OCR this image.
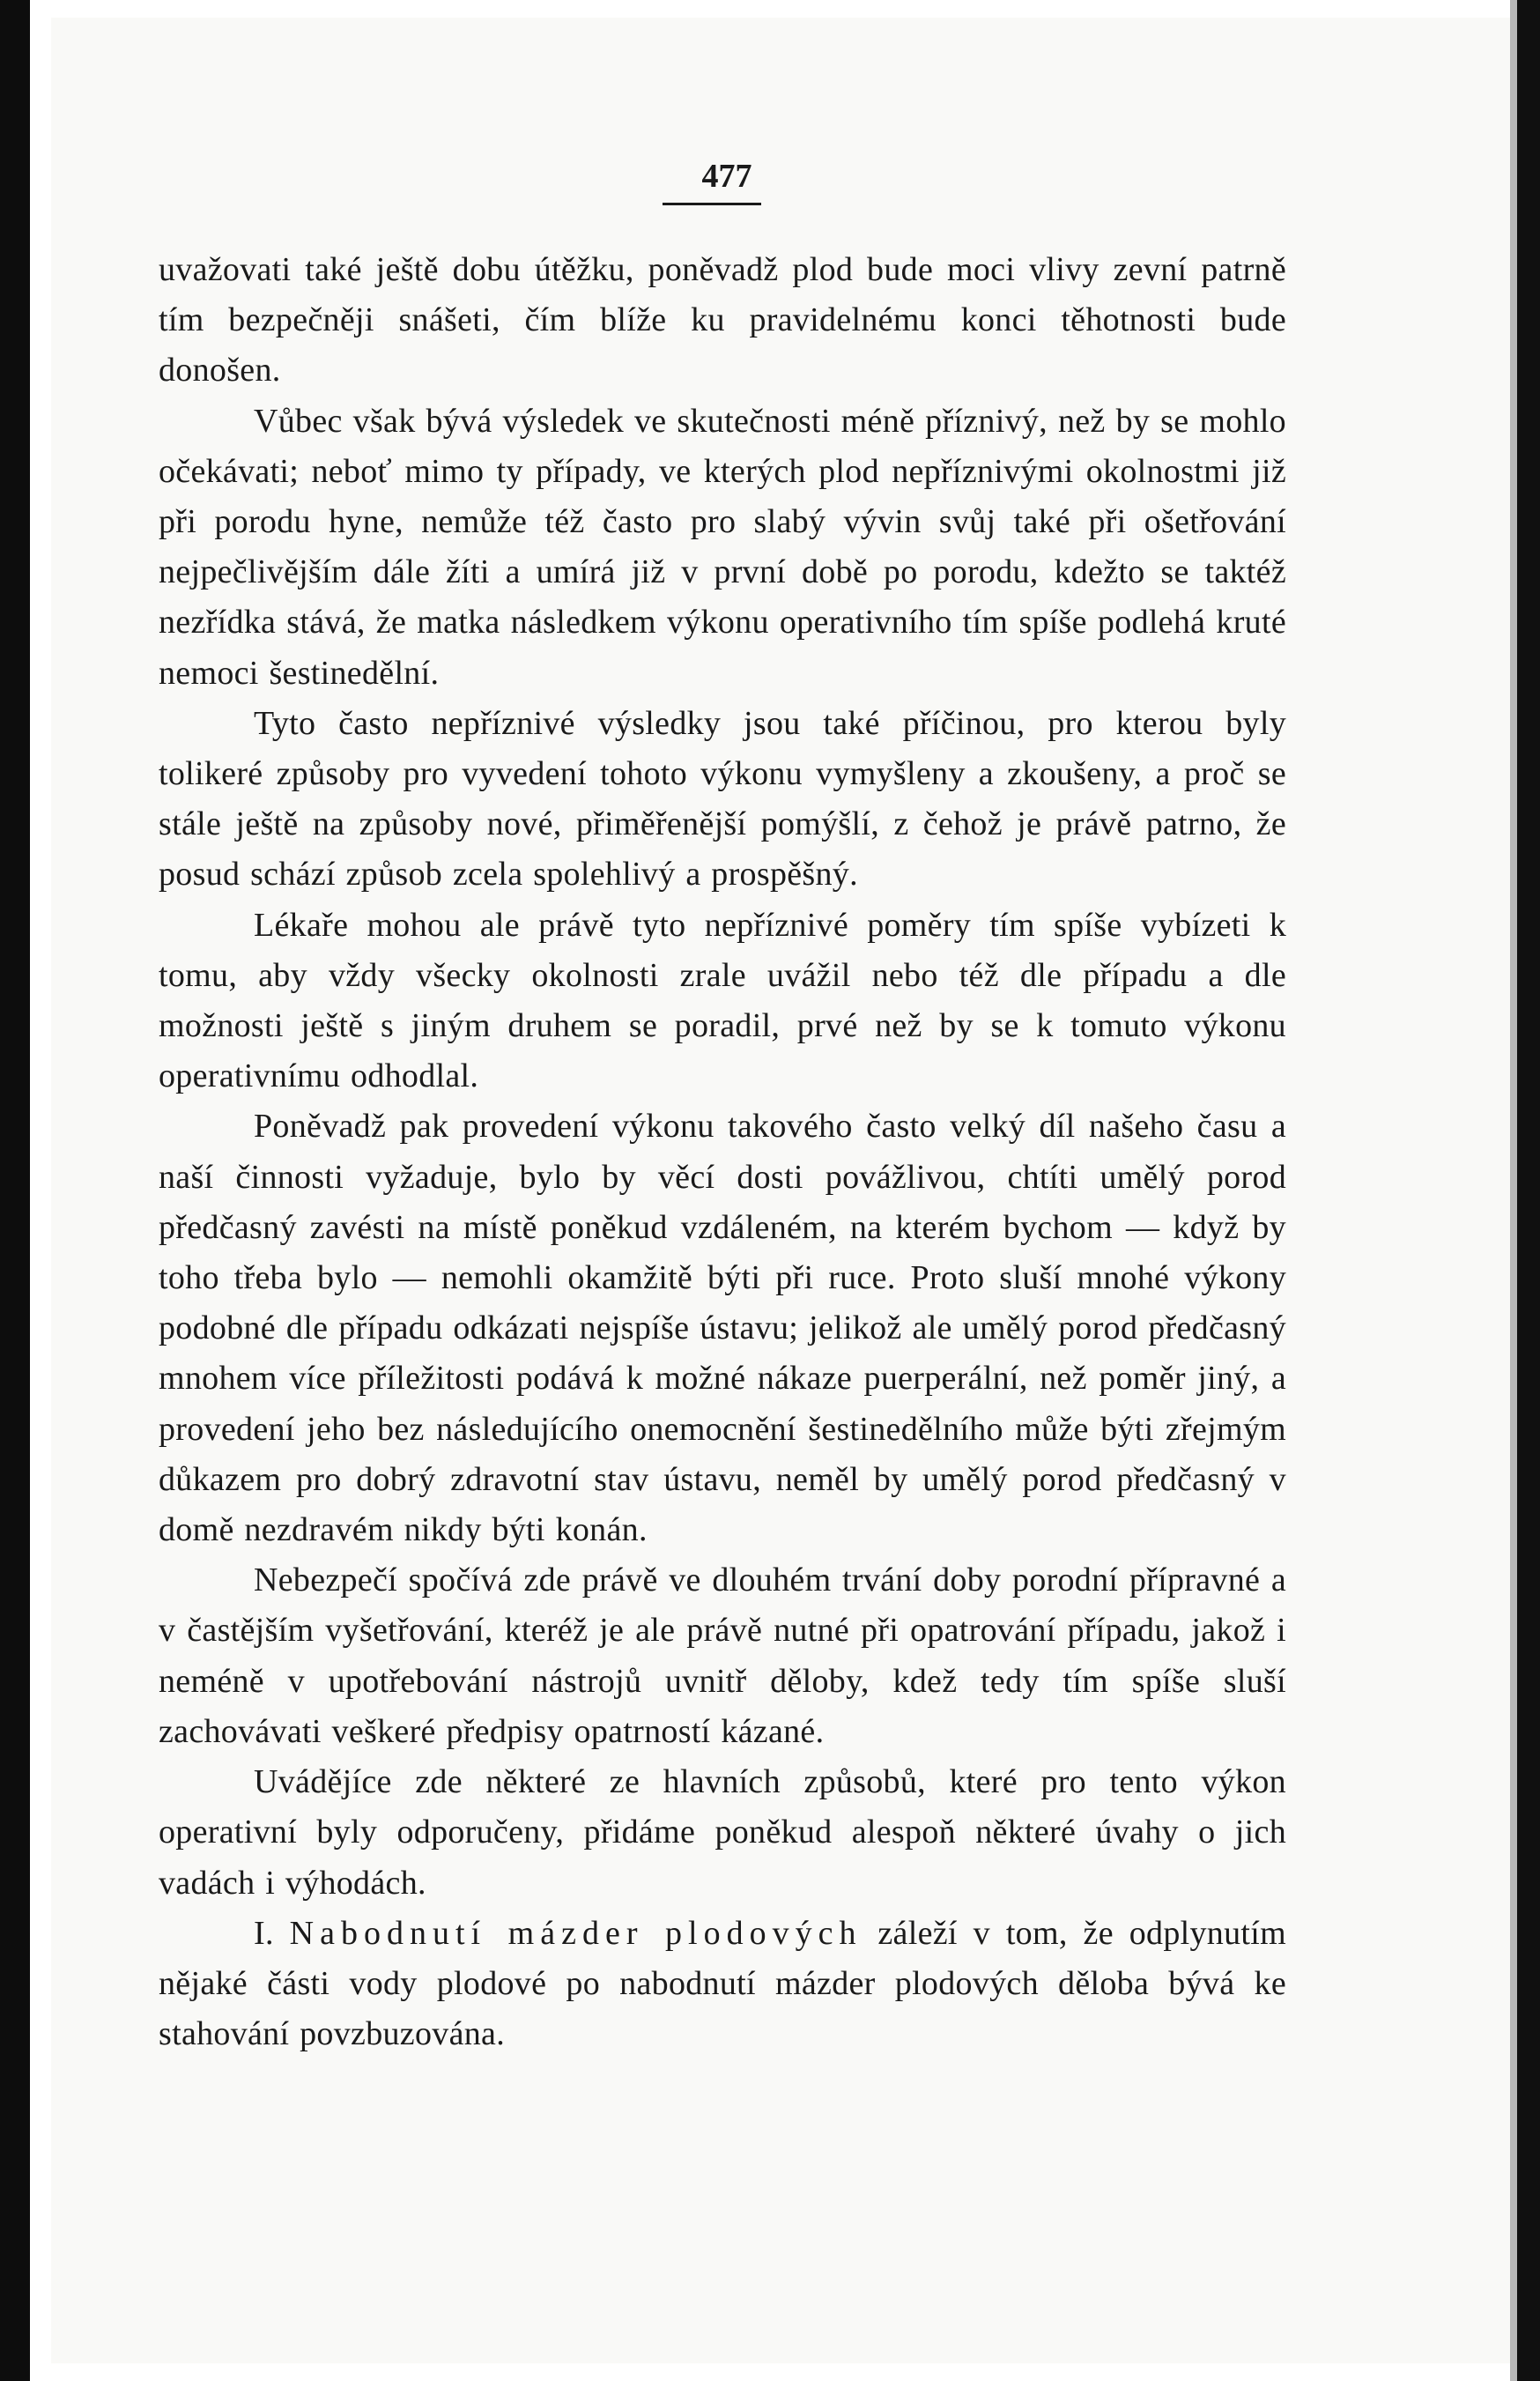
477

uvažovati také ještě dobu útěžku, poněvadž plod bude moci vlivy zevní patrně tím bezpečněji snášeti, čím blíže ku pravidelnému konci těhotnosti bude donošen.

Vůbec však bývá výsledek ve skutečnosti méně příznivý, než by se mohlo očekávati; neboť mimo ty případy, ve kterých plod nepříznivými okolnostmi již při porodu hyne, nemůže též často pro slabý vývin svůj také při ošetřování nejpečlivějším dále žíti a umírá již v první době po porodu, kdežto se taktéž nezřídka stává, že matka následkem výkonu operativního tím spíše podlehá kruté nemoci šestinedělní.

Tyto často nepříznivé výsledky jsou také příčinou, pro kterou byly tolikeré způsoby pro vyvedení tohoto výkonu vymyšleny a zkoušeny, a proč se stále ještě na způsoby nové, přiměřenější pomýšlí, z čehož je právě patrno, že posud schází způsob zcela spolehlivý a prospěšný.

Lékaře mohou ale právě tyto nepříznivé poměry tím spíše vybízeti k tomu, aby vždy všecky okolnosti zrale uvážil nebo též dle případu a dle možnosti ještě s jiným druhem se poradil, prvé než by se k tomuto výkonu operativnímu odhodlal.

Poněvadž pak provedení výkonu takového často velký díl našeho času a naší činnosti vyžaduje, bylo by věcí dosti povážlivou, chtíti umělý porod předčasný zavésti na místě poněkud vzdáleném, na kterém bychom — když by toho třeba bylo — nemohli okamžitě býti při ruce. Proto sluší mnohé výkony podobné dle případu odkázati nejspíše ústavu; jelikož ale umělý porod předčasný mnohem více příležitosti podává k možné nákaze puerperální, než poměr jiný, a provedení jeho bez následujícího onemocnění šestinedělního může býti zřejmým důkazem pro dobrý zdravotní stav ústavu, neměl by umělý porod předčasný v domě nezdravém nikdy býti konán.

Nebezpečí spočívá zde právě ve dlouhém trvání doby porodní přípravné a v častějším vyšetřování, kteréž je ale právě nutné při opatrování případu, jakož i neméně v upotřebování nástrojů uvnitř děloby, kdež tedy tím spíše sluší zachovávati veškeré předpisy opatrností kázané.

Uvádějíce zde některé ze hlavních způsobů, které pro tento výkon operativní byly odporučeny, přidáme poněkud alespoň některé úvahy o jich vadách i výhodách.

I. Nabodnutí mázder plodových záleží v tom, že odplynutím nějaké části vody plodové po nabodnutí mázder plodových děloba bývá ke stahování povzbuzována.
